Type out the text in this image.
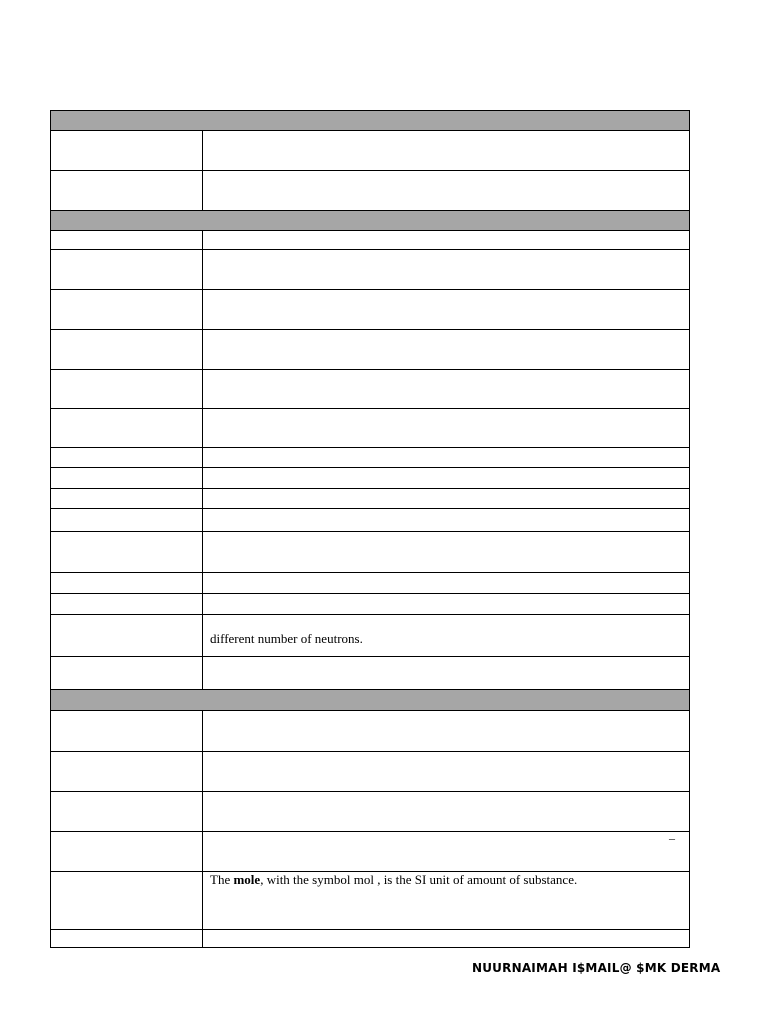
different number of neutrons.
–
The mole, with the symbol mol , is the SI unit of amount of substance.
NUURNAIMAH I$MAIL@ $MK DERMA
